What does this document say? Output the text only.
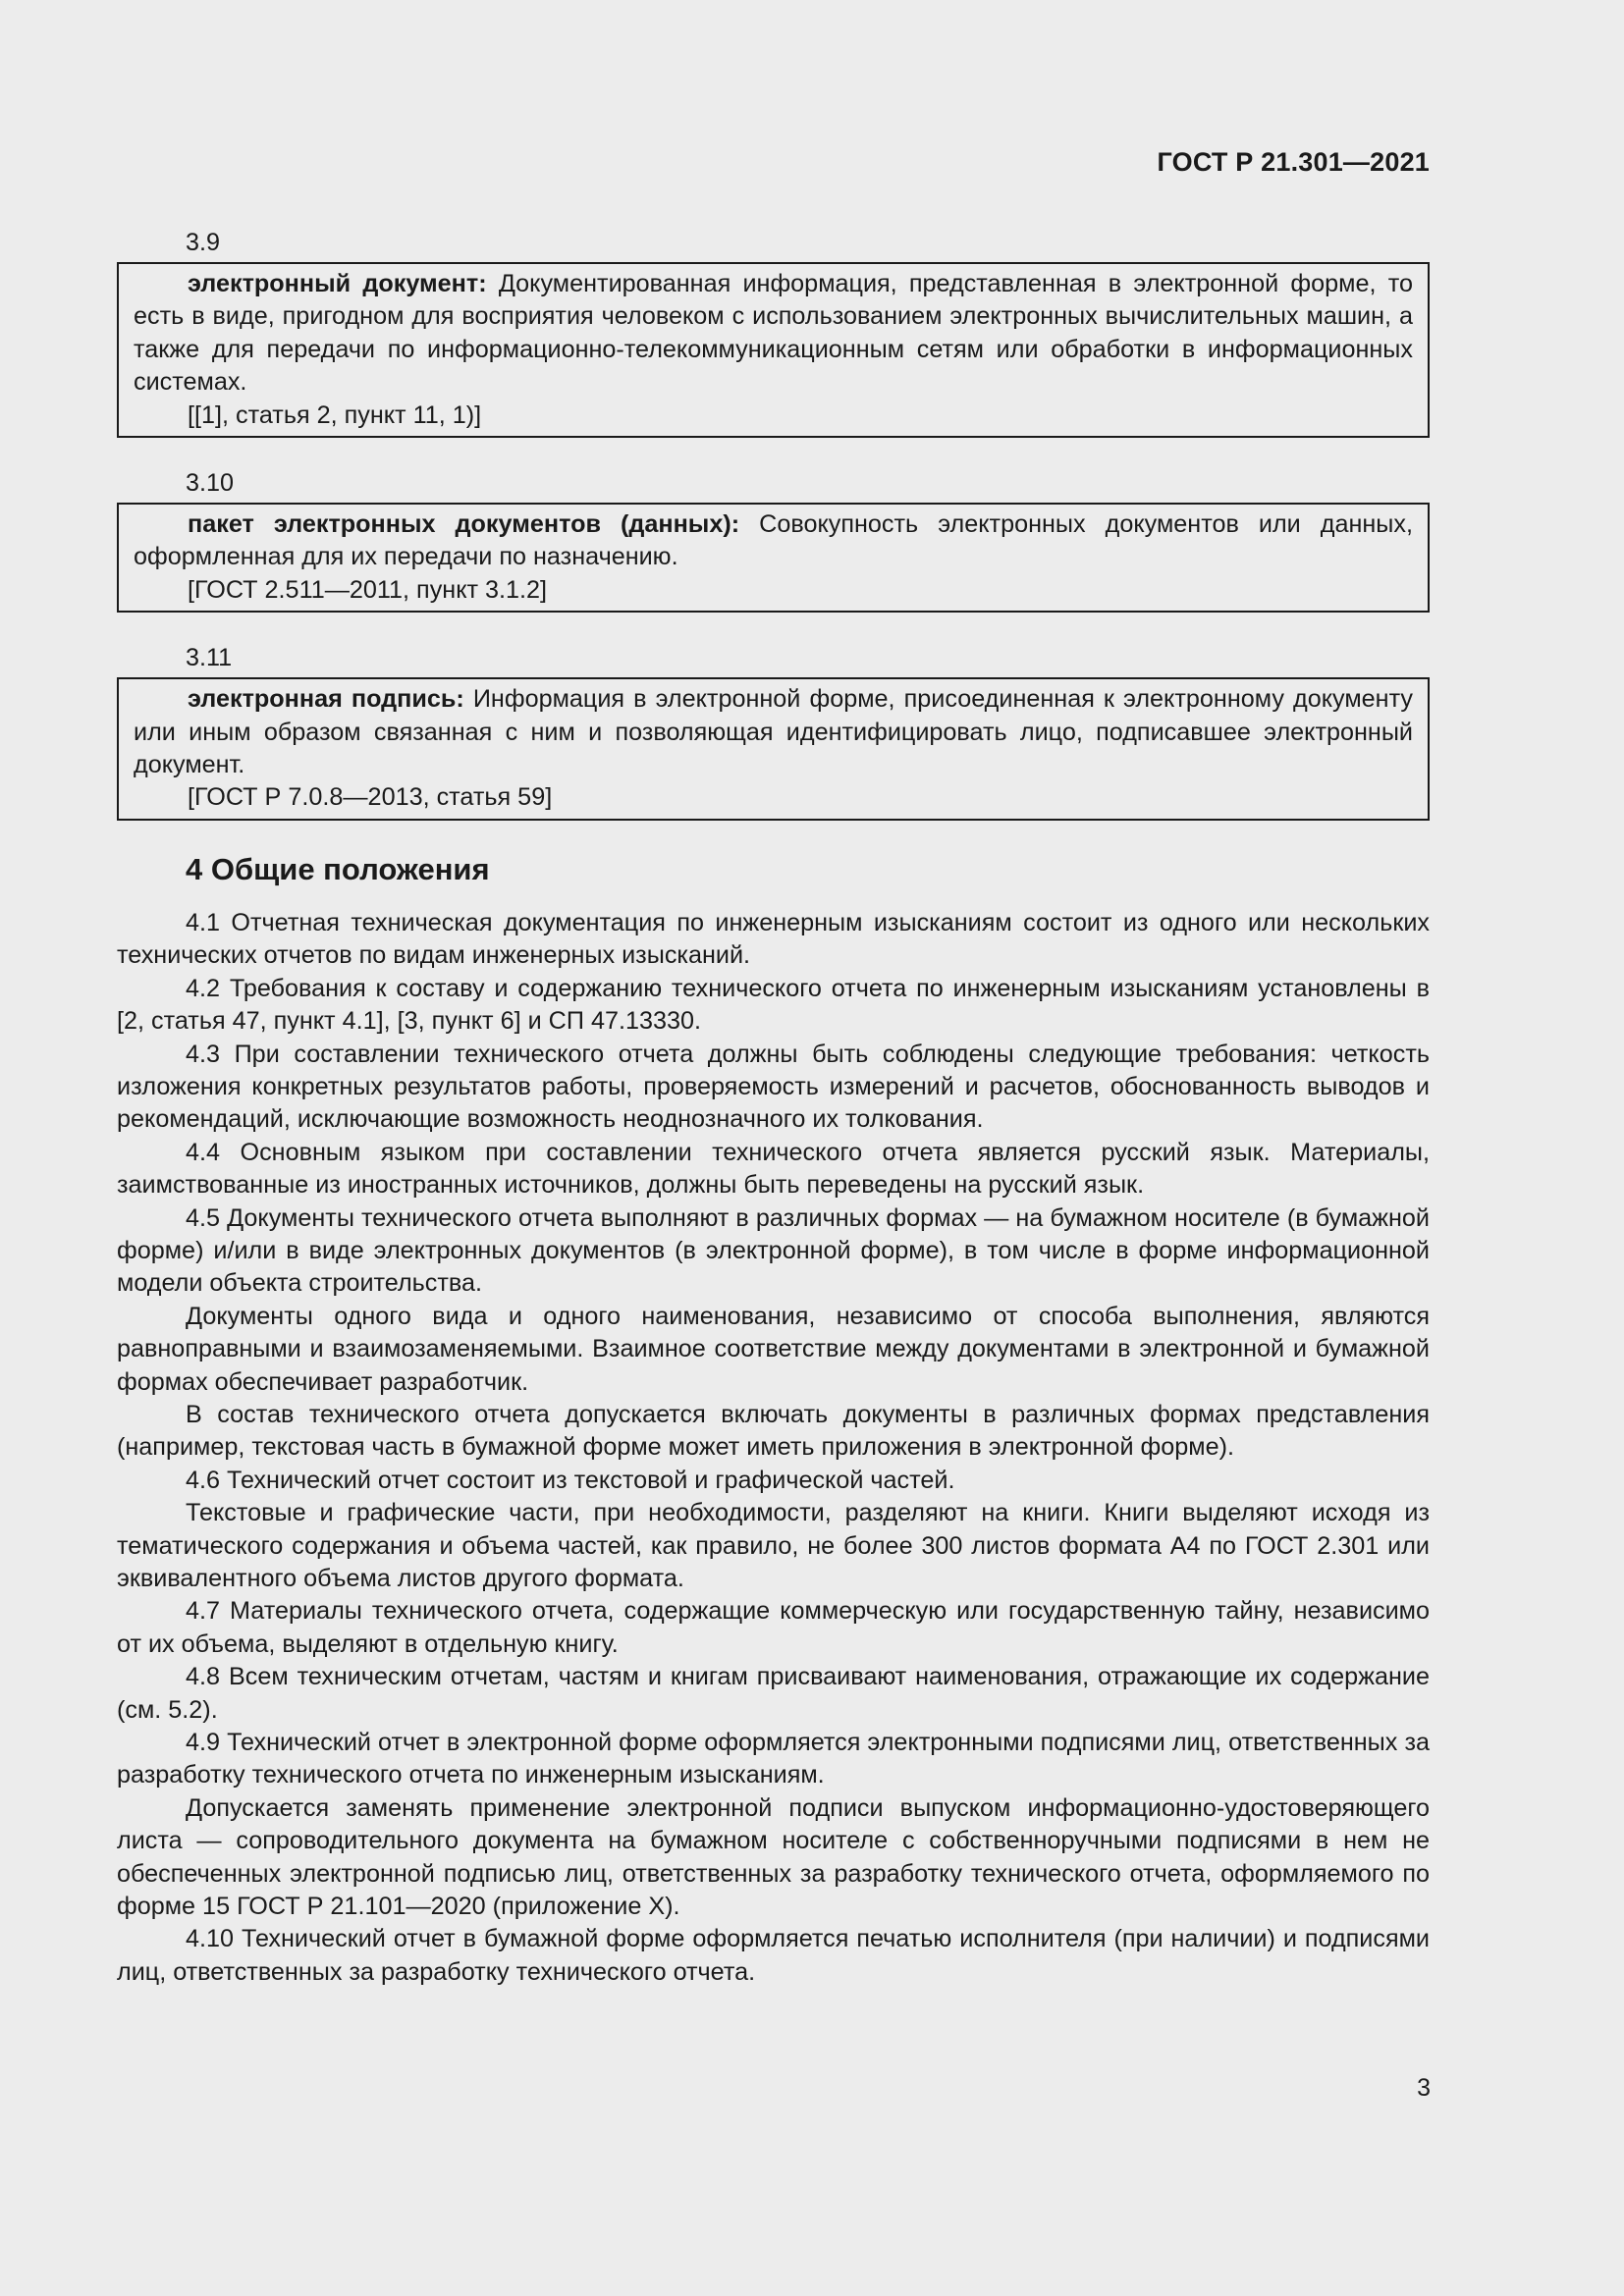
ГОСТ Р 21.301—2021
3.9

электронный документ: Документированная информация, представленная в электронной форме, то есть в виде, пригодном для восприятия человеком с использованием электронных вычислительных машин, а также для передачи по информационно-телекоммуникационным сетям или обработки в информационных системах.

[[1], статья 2, пункт 11, 1)]

3.10

пакет электронных документов (данных): Совокупность электронных документов или данных, оформленная для их передачи по назначению.

[ГОСТ 2.511—2011, пункт 3.1.2]

3.11

электронная подпись: Информация в электронной форме, присоединенная к электронному документу или иным образом связанная с ним и позволяющая идентифицировать лицо, подписавшее электронный документ.

[ГОСТ Р 7.0.8—2013, статья 59]

4 Общие положения

4.1 Отчетная техническая документация по инженерным изысканиям состоит из одного или нескольких технических отчетов по видам инженерных изысканий.

4.2 Требования к составу и содержанию технического отчета по инженерным изысканиям установлены в [2, статья 47, пункт 4.1], [3, пункт 6] и СП 47.13330.

4.3 При составлении технического отчета должны быть соблюдены следующие требования: четкость изложения конкретных результатов работы, проверяемость измерений и расчетов, обоснованность выводов и рекомендаций, исключающие возможность неоднозначного их толкования.

4.4 Основным языком при составлении технического отчета является русский язык. Материалы, заимствованные из иностранных источников, должны быть переведены на русский язык.

4.5 Документы технического отчета выполняют в различных формах — на бумажном носителе (в бумажной форме) и/или в виде электронных документов (в электронной форме), в том числе в форме информационной модели объекта строительства.

Документы одного вида и одного наименования, независимо от способа выполнения, являются равноправными и взаимозаменяемыми. Взаимное соответствие между документами в электронной и бумажной формах обеспечивает разработчик.

В состав технического отчета допускается включать документы в различных формах представления (например, текстовая часть в бумажной форме может иметь приложения в электронной форме).

4.6 Технический отчет состоит из текстовой и графической частей.

Текстовые и графические части, при необходимости, разделяют на книги. Книги выделяют исходя из тематического содержания и объема частей, как правило, не более 300 листов формата А4 по ГОСТ 2.301 или эквивалентного объема листов другого формата.

4.7 Материалы технического отчета, содержащие коммерческую или государственную тайну, независимо от их объема, выделяют в отдельную книгу.

4.8 Всем техническим отчетам, частям и книгам присваивают наименования, отражающие их содержание (см. 5.2).

4.9 Технический отчет в электронной форме оформляется электронными подписями лиц, ответственных за разработку технического отчета по инженерным изысканиям.

Допускается заменять применение электронной подписи выпуском информационно-удостоверяющего листа — сопроводительного документа на бумажном носителе с собственноручными подписями в нем не обеспеченных электронной подписью лиц, ответственных за разработку технического отчета, оформляемого по форме 15 ГОСТ Р 21.101—2020 (приложение Х).

4.10 Технический отчет в бумажной форме оформляется печатью исполнителя (при наличии) и подписями лиц, ответственных за разработку технического отчета.

3
